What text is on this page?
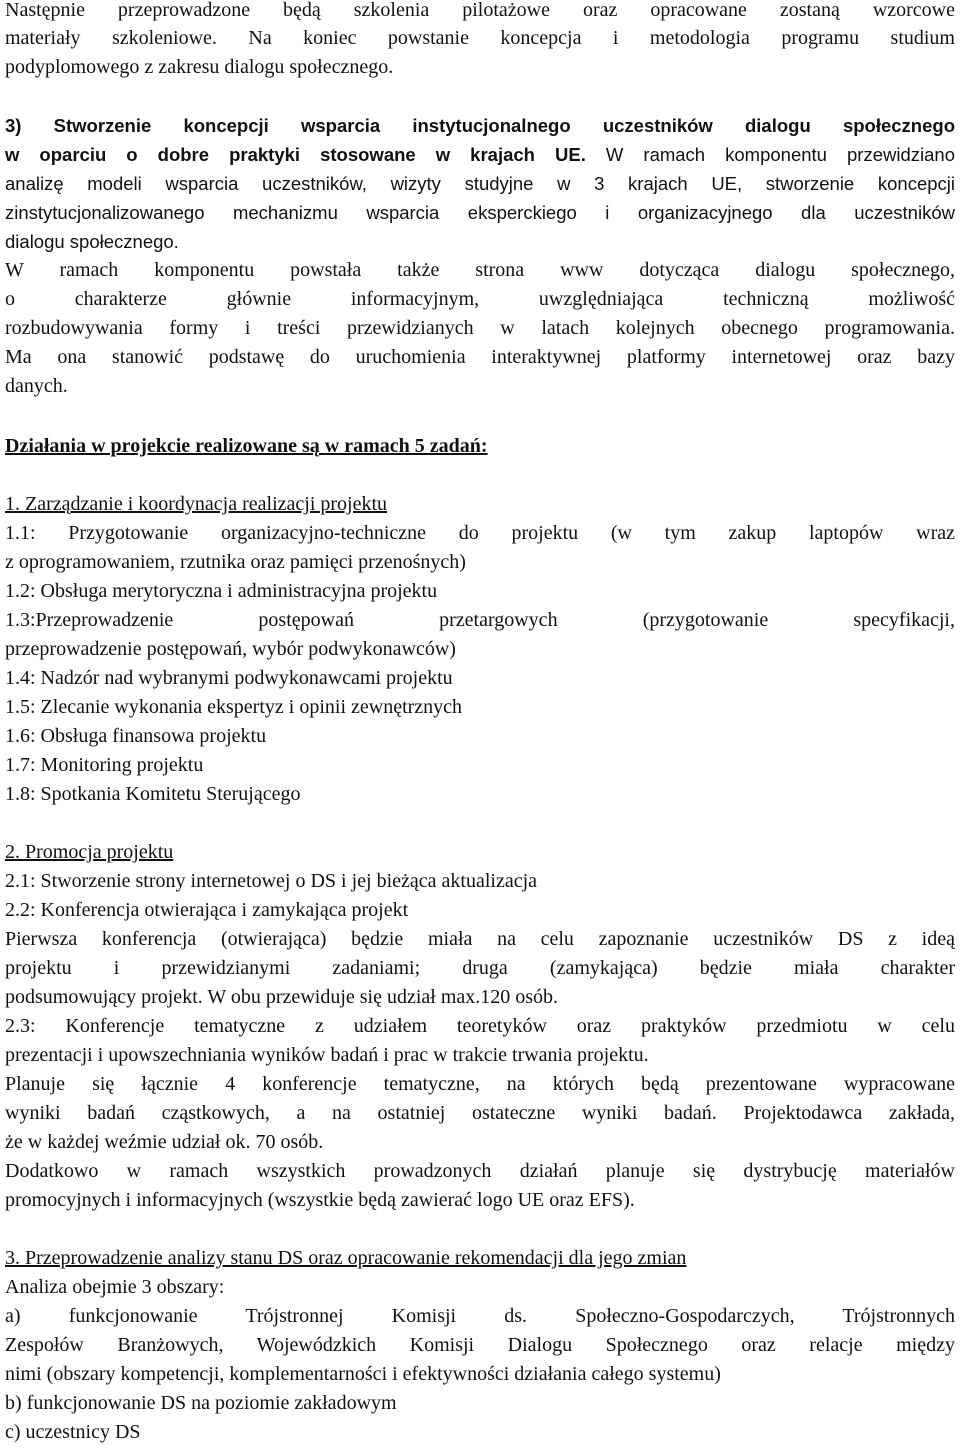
Następnie przeprowadzone będą szkolenia pilotażowe oraz opracowane zostaną wzorcowe

materiały szkoleniowe. Na koniec powstanie koncepcja i metodologia programu studium

podyplomowego z zakresu dialogu społecznego.

3) Stworzenie koncepcji wsparcia instytucjonalnego uczestników dialogu społecznego

w oparciu o dobre praktyki stosowane w krajach UE. W ramach komponentu przewidziano

analizę modeli wsparcia uczestników, wizyty studyjne w 3 krajach UE, stworzenie koncepcji

zinstytucjonalizowanego mechanizmu wsparcia eksperckiego i organizacyjnego dla uczestników

dialogu społecznego.

W ramach komponentu powstała także strona www dotycząca dialogu społecznego,

o charakterze głównie informacyjnym, uwzględniająca techniczną możliwość

rozbudowywania formy i treści przewidzianych w latach kolejnych obecnego programowania.

Ma ona stanowić podstawę do uruchomienia interaktywnej platformy internetowej oraz bazy

danych.

Działania w projekcie realizowane są w ramach 5 zadań:

1. Zarządzanie i koordynacja realizacji projektu

1.1: Przygotowanie organizacyjno-techniczne do projektu (w tym zakup laptopów wraz

z oprogramowaniem, rzutnika oraz pamięci przenośnych)

1.2: Obsługa merytoryczna i administracyjna projektu

1.3:Przeprowadzenie postępowań przetargowych (przygotowanie specyfikacji,

przeprowadzenie postępowań, wybór podwykonawców)

1.4: Nadzór nad wybranymi podwykonawcami projektu

1.5: Zlecanie wykonania ekspertyz i opinii zewnętrznych

1.6: Obsługa finansowa projektu

1.7: Monitoring projektu

1.8: Spotkania Komitetu Sterującego

2. Promocja projektu

2.1: Stworzenie strony internetowej o DS i jej bieżąca aktualizacja

2.2: Konferencja otwierająca i zamykająca projekt

Pierwsza konferencja (otwierająca) będzie miała na celu zapoznanie uczestników DS z ideą

projektu i przewidzianymi zadaniami; druga (zamykająca) będzie miała charakter

podsumowujący projekt. W obu przewiduje się udział max.120 osób.

2.3: Konferencje tematyczne z udziałem teoretyków oraz praktyków przedmiotu w celu

prezentacji i upowszechniania wyników badań i prac w trakcie trwania projektu.

Planuje się łącznie 4 konferencje tematyczne, na których będą prezentowane wypracowane

wyniki badań cząstkowych, a na ostatniej ostateczne wyniki badań. Projektodawca zakłada,

że w każdej weźmie udział ok. 70 osób.

Dodatkowo w ramach wszystkich prowadzonych działań planuje się dystrybucję materiałów

promocyjnych i informacyjnych (wszystkie będą zawierać logo UE oraz EFS).

3. Przeprowadzenie analizy stanu DS oraz opracowanie rekomendacji dla jego zmian

Analiza obejmie 3 obszary:

a) funkcjonowanie Trójstronnej Komisji ds. Społeczno-Gospodarczych, Trójstronnych

Zespołów Branżowych, Wojewódzkich Komisji Dialogu Społecznego oraz relacje między

nimi (obszary kompetencji, komplementarności i efektywności działania całego systemu)

b) funkcjonowanie DS na poziomie zakładowym

c) uczestnicy DS
